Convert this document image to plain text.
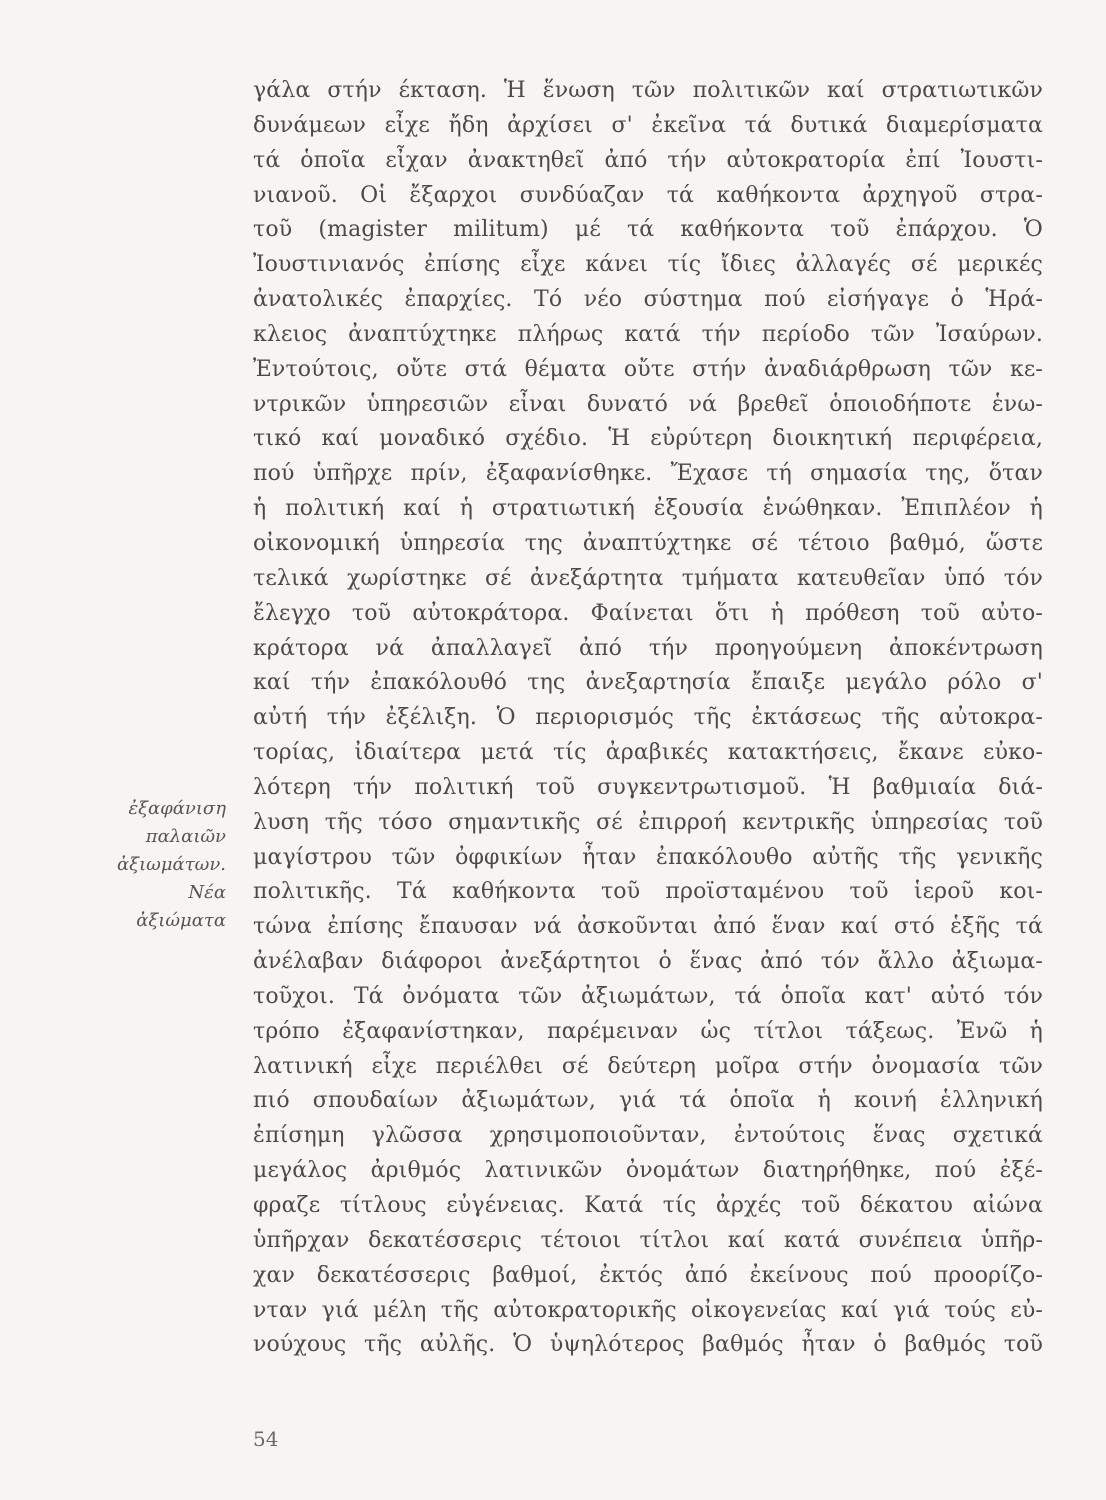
γάλα στήν έκταση. Ἡ ἕνωση τῶν πολιτικῶν καί στρατιωτικῶν
δυνάμεων εἶχε ἤδη ἀρχίσει σ' ἐκεῖνα τά δυτικά διαμερίσματα
τά ὁποῖα εἶχαν ἀνακτηθεῖ ἀπό τήν αὐτοκρατορία ἐπί Ἰουστι-
νιανοῦ. Οἱ ἔξαρχοι συνδύαζαν τά καθήκοντα ἀρχηγοῦ στρα-
τοῦ (magister militum) μέ τά καθήκοντα τοῦ ἐπάρχου. Ὁ
Ἰουστινιανός ἐπίσης εἶχε κάνει τίς ἴδιες ἀλλαγές σέ μερικές
ἀνατολικές ἐπαρχίες. Τό νέο σύστημα πού εἰσήγαγε ὁ Ἡρά-
κλειος ἀναπτύχτηκε πλήρως κατά τήν περίοδο τῶν Ἰσαύρων.
Ἐντούτοις, οὔτε στά θέματα οὔτε στήν ἀναδιάρθρωση τῶν κε-
ντρικῶν ὑπηρεσιῶν εἶναι δυνατό νά βρεθεῖ ὁποιοδήποτε ἑνω-
τικό καί μοναδικό σχέδιο. Ἡ εὐρύτερη διοικητική περιφέρεια,
πού ὑπῆρχε πρίν, ἐξαφανίσθηκε. Ἔχασε τή σημασία της, ὅταν
ἡ πολιτική καί ἡ στρατιωτική ἐξουσία ἑνώθηκαν. Ἐπιπλέον ἡ
οἰκονομική ὑπηρεσία της ἀναπτύχτηκε σέ τέτοιο βαθμό, ὥστε
τελικά χωρίστηκε σέ ἀνεξάρτητα τμήματα κατευθεῖαν ὑπό τόν
ἔλεγχο τοῦ αὐτοκράτορα. Φαίνεται ὅτι ἡ πρόθεση τοῦ αὐτο-
κράτορα νά ἀπαλλαγεῖ ἀπό τήν προηγούμενη ἀποκέντρωση
καί τήν ἐπακόλουθό της ἀνεξαρτησία ἔπαιξε μεγάλο ρόλο σ'
αὐτή τήν ἐξέλιξη. Ὁ περιορισμός τῆς ἐκτάσεως τῆς αὐτοκρα-
τορίας, ἰδιαίτερα μετά τίς ἀραβικές κατακτήσεις, ἔκανε εὐκο-
λότερη τήν πολιτική τοῦ συγκεντρωτισμοῦ. Ἡ βαθμιαία διά-
λυση τῆς τόσο σημαντικῆς σέ ἐπιρροή κεντρικῆς ὑπηρεσίας τοῦ
μαγίστρου τῶν ὀφφικίων ἦταν ἐπακόλουθο αὐτῆς τῆς γενικῆς
πολιτικῆς. Τά καθήκοντα τοῦ προϊσταμένου τοῦ ἱεροῦ κοι-
τώνα ἐπίσης ἔπαυσαν νά ἀσκοῦνται ἀπό ἕναν καί στό ἑξῆς τά
ἀνέλαβαν διάφοροι ἀνεξάρτητοι ὁ ἕνας ἀπό τόν ἄλλο ἀξιωμα-
τοῦχοι. Τά ὀνόματα τῶν ἀξιωμάτων, τά ὁποῖα κατ' αὐτό τόν
τρόπο ἐξαφανίστηκαν, παρέμειναν ὡς τίτλοι τάξεως. Ἐνῶ ἡ
λατινική εἶχε περιέλθει σέ δεύτερη μοῖρα στήν ὀνομασία τῶν
πιό σπουδαίων ἀξιωμάτων, γιά τά ὁποῖα ἡ κοινή ἑλληνική
ἐπίσημη γλῶσσα χρησιμοποιοῦνταν, ἐντούτοις ἕνας σχετικά
μεγάλος ἀριθμός λατινικῶν ὀνομάτων διατηρήθηκε, πού ἐξέ-
φραζε τίτλους εὐγένειας. Κατά τίς ἀρχές τοῦ δέκατου αἰώνα
ὑπῆρχαν δεκατέσσερις τέτοιοι τίτλοι καί κατά συνέπεια ὑπῆρ-
χαν δεκατέσσερις βαθμοί, ἐκτός ἀπό ἐκείνους πού προορίζο-
νταν γιά μέλη τῆς αὐτοκρατορικῆς οἰκογενείας καί γιά τούς εὐ-
νούχους τῆς αὐλῆς. Ὁ ὑψηλότερος βαθμός ἦταν ὁ βαθμός τοῦ
ἐξαφάνιση
παλαιῶν
ἀξιωμάτων. Νέα
ἀξιώματα
54
